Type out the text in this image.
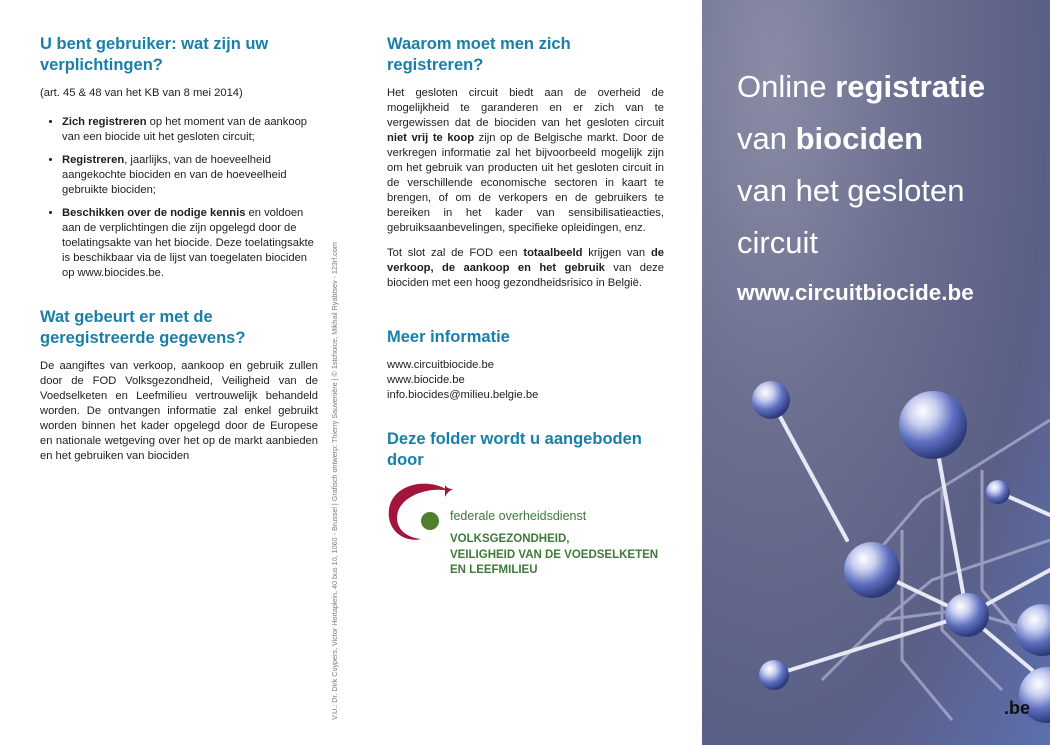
U bent gebruiker: wat zijn uw verplichtingen?

(art. 45 & 48 van het KB van 8 mei 2014)

• Zich registreren op het moment van de aankoop van een biocide uit het gesloten circuit;
• Registreren, jaarlijks, van de hoeveelheid aangekochte biociden en van de hoeveelheid gebruikte biociden;
• Beschikken over de nodige kennis en voldoen aan de verplichtingen die zijn opgelegd door de toelatingsakte van het biocide. Deze toelatingsakte is beschikbaar via de lijst van toegelaten biociden op www.biocides.be.
Wat gebeurt er met de geregistreerde gegevens?

De aangiftes van verkoop, aankoop en gebruik zullen door de FOD Volksgezondheid, Veiligheid van de Voedselketen en Leefmilieu vertrouwelijk behandeld worden. De ontvangen informatie zal enkel gebruikt worden binnen het kader opgelegd door de Europese en nationale wetgeving over het op de markt aanbieden en het gebruiken van biociden	V.U.: Dr. Dirk Cuypers, Victor Hortaplein, 40 bus 10, 1060 - Brussel | Grafisch ontwerp: Thierry Sauvenière | © 1stchoice, Mikhail Ryabtsev - 123rf.com
Waarom moet men zich registreren?

Het gesloten circuit biedt aan de overheid de mogelijkheid te garanderen en er zich van te vergewissen dat de biociden van het gesloten circuit niet vrij te koop zijn op de Belgische markt. Door de verkregen informatie zal het bijvoorbeeld mogelijk zijn om het gebruik van producten uit het gesloten circuit in de verschillende economische sectoren in kaart te brengen, of om de verkopers en de gebruikers te bereiken in het kader van sensibilisatieacties, gebruiksaanbevelingen, specifieke opleidingen, enz.

Tot slot zal de FOD een totaalbeeld krijgen van de verkoop, de aankoop en het gebruik van deze biociden met een hoog gezondheidsrisico in België.

Meer informatie
www.circuitbiocide.be
www.biocide.be
info.biocides@milieu.belgie.be
Deze folder wordt u aangeboden door
federale overheidsdienst
VOLKSGEZONDHEID,
VEILIGHEID VAN DE VOEDSELKETEN
EN LEEFMILIEU
Online registratie
van biociden
van het gesloten
circuit
www.circuitbiocide.be
.be
